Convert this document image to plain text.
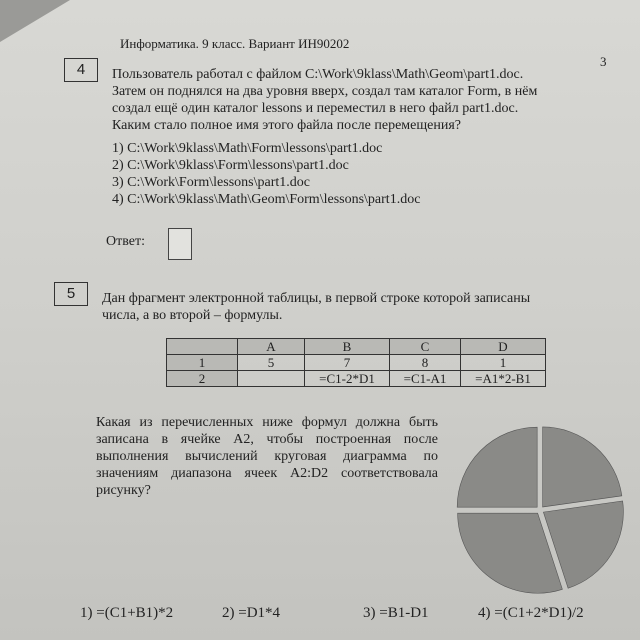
Информатика. 9 класс. Вариант ИН90202
3
4	Пользователь работал с файлом C:\Work\9klass\Math\Geom\part1.doc.
Затем он поднялся на два уровня вверх, создал там каталог Form, в нём
создал ещё один каталог lessons и переместил в него файл part1.doc.
Каким стало полное имя этого файла после перемещения?
1) C:\Work\9klass\Math\Form\lessons\part1.doc
2) C:\Work\9klass\Form\lessons\part1.doc
3) C:\Work\Form\lessons\part1.doc
4) C:\Work\9klass\Math\Geom\Form\lessons\part1.doc
Ответ:
5	Дан фрагмент электронной таблицы, в первой строке которой записаны
числа, а во второй – формулы.
	A	B	C	D
1	5	7	8	1
2		=C1-2*D1	=C1-A1	=A1*2-B1
Какая из перечисленных ниже формул должна быть записана в ячейке A2, чтобы построенная после выполнения вычислений круговая диаграмма по значениям диапазона ячеек A2:D2 соответствовала рисунку?
1) =(C1+B1)*2	2) =D1*4	3) =B1-D1	4) =(C1+2*D1)/2
